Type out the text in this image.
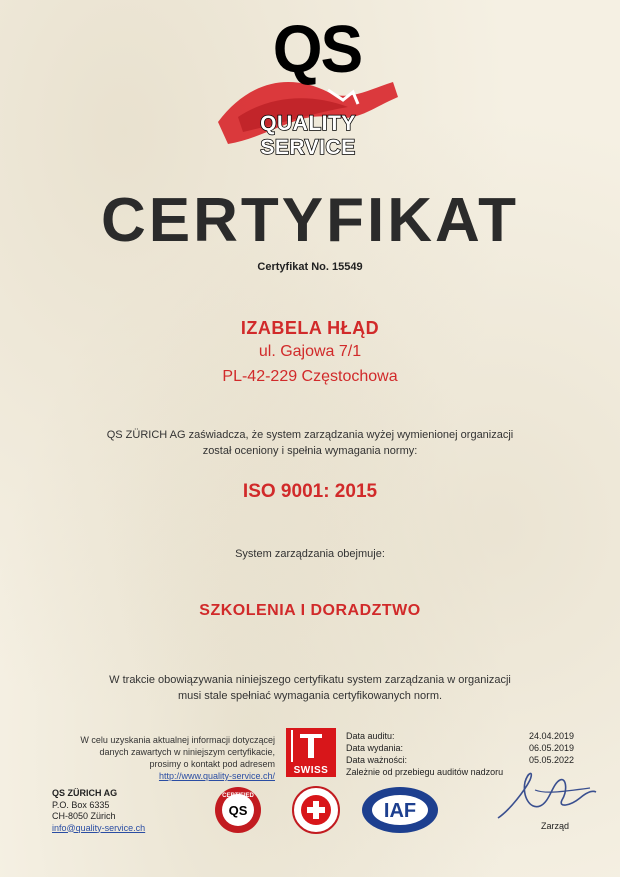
QS
QUALITY SERVICE
CERTYFIKAT
Certyfikat No. 15549
IZABELA HŁĄD
ul. Gajowa 7/1
PL-42-229 Częstochowa
QS ZÜRICH AG zaświadcza, że system zarządzania wyżej wymienionej organizacji
został oceniony i spełnia wymagania normy:
ISO 9001: 2015
System zarządzania obejmuje:
SZKOLENIA I DORADZTWO
W trakcie obowiązywania niniejszego certyfikatu system zarządzania w organizacji
musi stale spełniać wymagania certyfikowanych norm.
W celu uzyskania aktualnej informacji dotyczącej
danych zawartych w niniejszym certyfikacie,
prosimy o kontakt pod adresem
http://www.quality-service.ch/	SWISS
Data auditu:	24.04.2019
Data wydania:	06.05.2019
Data ważności:	05.05.2022
Zależnie od przebiegu auditów nadzoru
QS ZÜRICH AG
P.O. Box 6335
CH-8050 Zürich
info@quality-service.ch
CERTIFIED
QS	IAF
Zarząd
